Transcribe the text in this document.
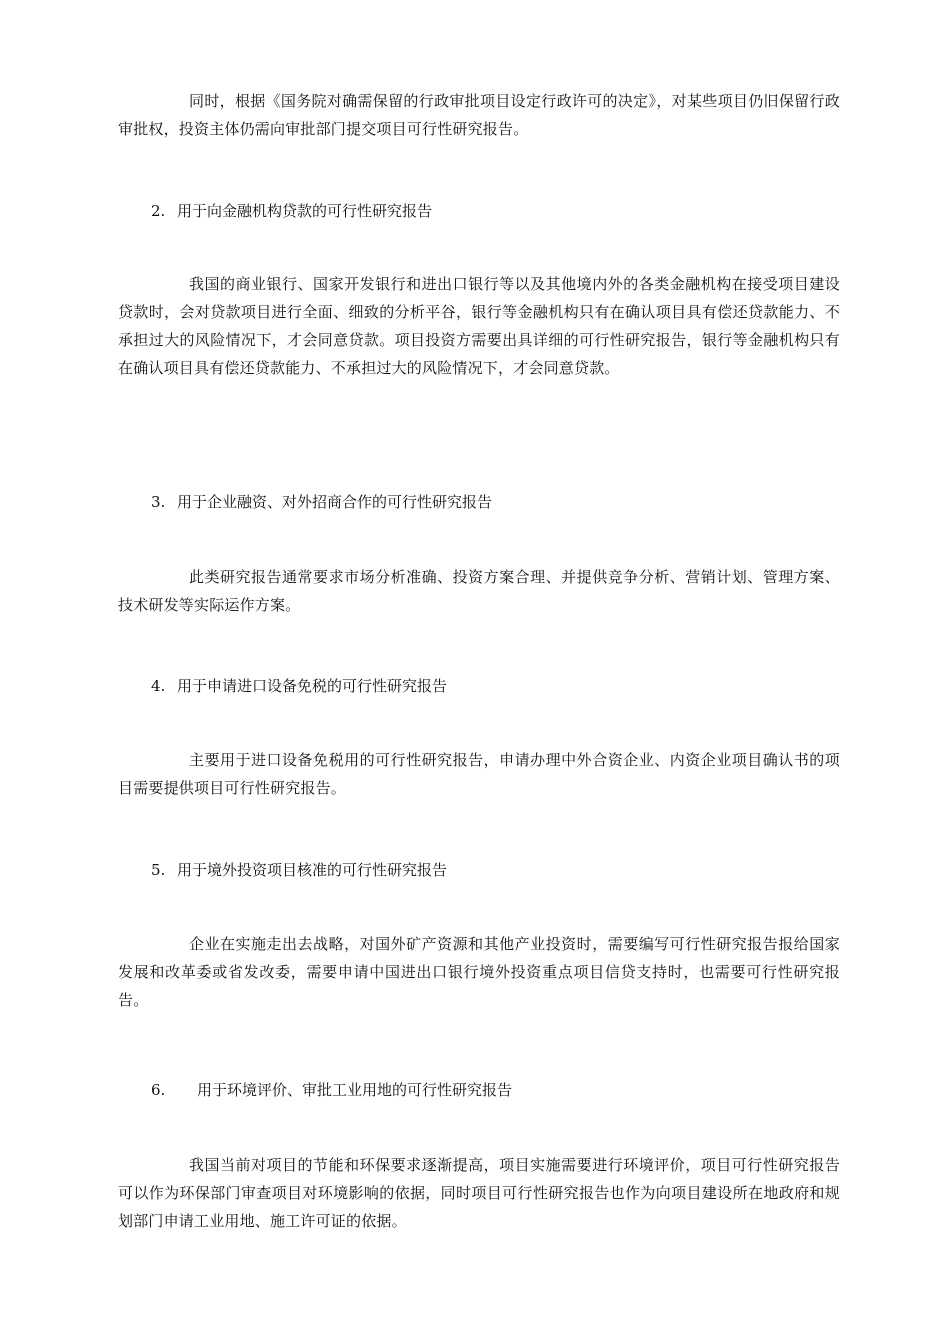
同时，根据《国务院对确需保留的行政审批项目设定行政许可的决定》，对某些项目仍旧保留行政审批权，投资主体仍需向审批部门提交项目可行性研究报告。

2. 用于向金融机构贷款的可行性研究报告

我国的商业银行、国家开发银行和进出口银行等以及其他境内外的各类金融机构在接受项目建设贷款时，会对贷款项目进行全面、细致的分析平谷，银行等金融机构只有在确认项目具有偿还贷款能力、不承担过大的风险情况下，才会同意贷款。项目投资方需要出具详细的可行性研究报告，银行等金融机构只有在确认项目具有偿还贷款能力、不承担过大的风险情况下，才会同意贷款。

3. 用于企业融资、对外招商合作的可行性研究报告

此类研究报告通常要求市场分析准确、投资方案合理、并提供竞争分析、营销计划、管理方案、技术研发等实际运作方案。

4. 用于申请进口设备免税的可行性研究报告

主要用于进口设备免税用的可行性研究报告，申请办理中外合资企业、内资企业项目确认书的项目需要提供项目可行性研究报告。

5. 用于境外投资项目核准的可行性研究报告

企业在实施走出去战略，对国外矿产资源和其他产业投资时，需要编写可行性研究报告报给国家发展和改革委或省发改委，需要申请中国进出口银行境外投资重点项目信贷支持时，也需要可行性研究报告。

6. 用于环境评价、审批工业用地的可行性研究报告

我国当前对项目的节能和环保要求逐渐提高，项目实施需要进行环境评价，项目可行性研究报告可以作为环保部门审查项目对环境影响的依据，同时项目可行性研究报告也作为向项目建设所在地政府和规划部门申请工业用地、施工许可证的依据。
